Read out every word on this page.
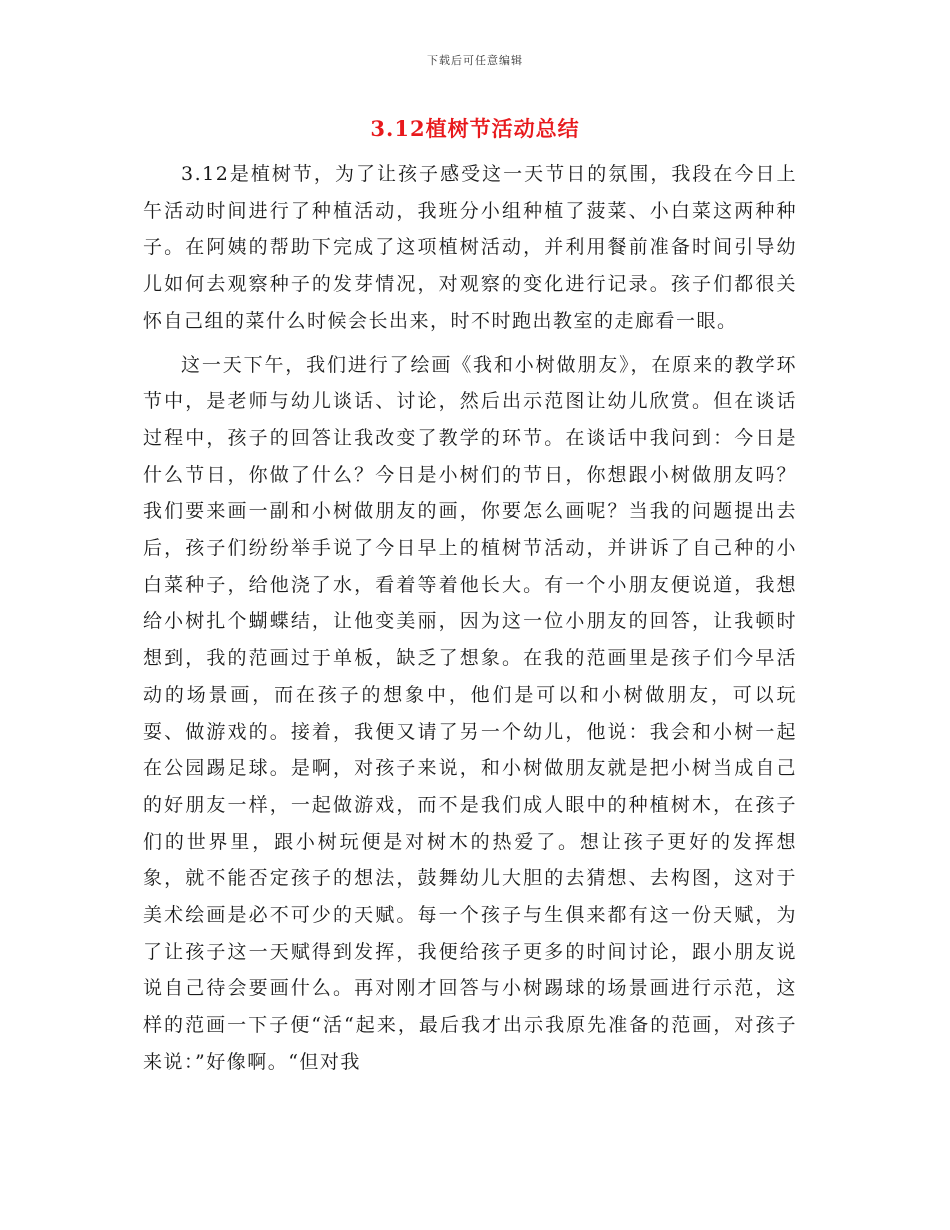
下载后可任意编辑
3.12植树节活动总结

3.12是植树节，为了让孩子感受这一天节日的氛围，我段在今日上午活动时间进行了种植活动，我班分小组种植了菠菜、小白菜这两种种子。在阿姨的帮助下完成了这项植树活动，并利用餐前准备时间引导幼儿如何去观察种子的发芽情况，对观察的变化进行记录。孩子们都很关怀自己组的菜什么时候会长出来，时不时跑出教室的走廊看一眼。

这一天下午，我们进行了绘画《我和小树做朋友》，在原来的教学环节中，是老师与幼儿谈话、讨论，然后出示范图让幼儿欣赏。但在谈话过程中，孩子的回答让我改变了教学的环节。在谈话中我问到：今日是什么节日，你做了什么？今日是小树们的节日，你想跟小树做朋友吗？我们要来画一副和小树做朋友的画，你要怎么画呢？当我的问题提出去后，孩子们纷纷举手说了今日早上的植树节活动，并讲诉了自己种的小白菜种子，给他浇了水，看着等着他长大。有一个小朋友便说道，我想给小树扎个蝴蝶结，让他变美丽，因为这一位小朋友的回答，让我顿时想到，我的范画过于单板，缺乏了想象。在我的范画里是孩子们今早活动的场景画，而在孩子的想象中，他们是可以和小树做朋友，可以玩耍、做游戏的。接着，我便又请了另一个幼儿，他说：我会和小树一起在公园踢足球。是啊，对孩子来说，和小树做朋友就是把小树当成自己的好朋友一样，一起做游戏，而不是我们成人眼中的种植树木，在孩子们的世界里，跟小树玩便是对树木的热爱了。想让孩子更好的发挥想象，就不能否定孩子的想法，鼓舞幼儿大胆的去猜想、去构图，这对于美术绘画是必不可少的天赋。每一个孩子与生俱来都有这一份天赋，为了让孩子这一天赋得到发挥，我便给孩子更多的时间讨论，跟小朋友说说自己待会要画什么。再对刚才回答与小树踢球的场景画进行示范，这样的范画一下子便“活“起来，最后我才出示我原先准备的范画，对孩子来说：”好像啊。“但对我
